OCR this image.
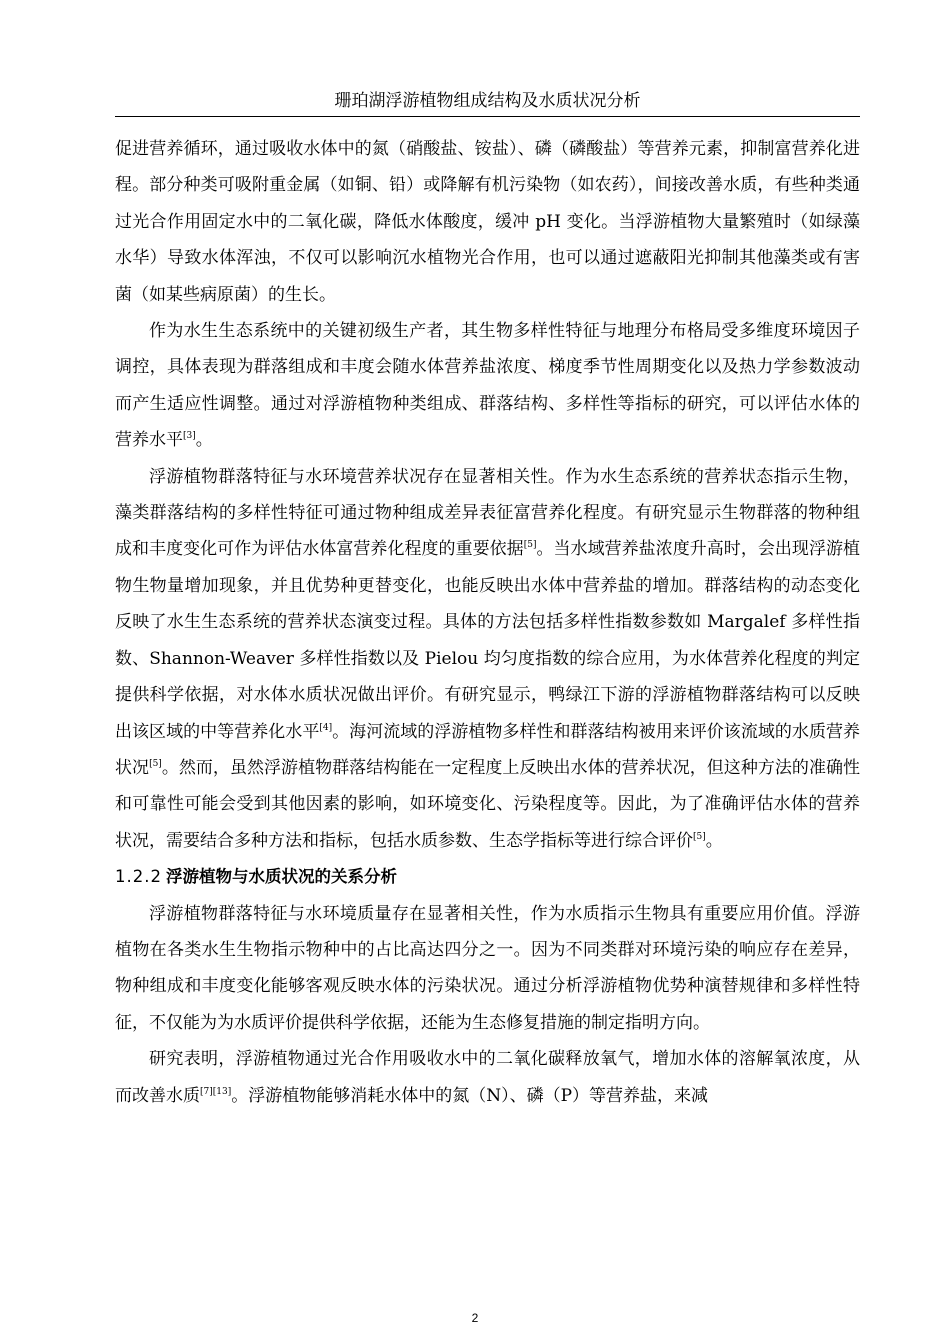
珊珀湖浮游植物组成结构及水质状况分析

促进营养循环，通过吸收水体中的氮（硝酸盐、铵盐）、磷（磷酸盐）等营养元素，抑制富营养化进程。部分种类可吸附重金属（如铜、铅）或降解有机污染物（如农药），间接改善水质，有些种类通过光合作用固定水中的二氧化碳，降低水体酸度，缓冲 pH 变化。当浮游植物大量繁殖时（如绿藻水华）导致水体浑浊，不仅可以影响沉水植物光合作用，也可以通过遮蔽阳光抑制其他藻类或有害菌（如某些病原菌）的生长。

作为水生生态系统中的关键初级生产者，其生物多样性特征与地理分布格局受多维度环境因子调控，具体表现为群落组成和丰度会随水体营养盐浓度、梯度季节性周期变化以及热力学参数波动而产生适应性调整。通过对浮游植物种类组成、群落结构、多样性等指标的研究，可以评估水体的营养水平[3]。

浮游植物群落特征与水环境营养状况存在显著相关性。作为水生态系统的营养状态指示生物，藻类群落结构的多样性特征可通过物种组成差异表征富营养化程度。有研究显示生物群落的物种组成和丰度变化可作为评估水体富营养化程度的重要依据[5]。当水域营养盐浓度升高时，会出现浮游植物生物量增加现象，并且优势种更替变化，也能反映出水体中营养盐的增加。群落结构的动态变化反映了水生生态系统的营养状态演变过程。具体的方法包括多样性指数参数如 Margalef 多样性指数、Shannon-Weaver 多样性指数以及 Pielou 均匀度指数的综合应用，为水体营养化程度的判定提供科学依据，对水体水质状况做出评价。有研究显示，鸭绿江下游的浮游植物群落结构可以反映出该区域的中等营养化水平[4]。海河流域的浮游植物多样性和群落结构被用来评价该流域的水质营养状况[5]。然而，虽然浮游植物群落结构能在一定程度上反映出水体的营养状况，但这种方法的准确性和可靠性可能会受到其他因素的影响，如环境变化、污染程度等。因此，为了准确评估水体的营养状况，需要结合多种方法和指标，包括水质参数、生态学指标等进行综合评价[5]。

1.2.2 浮游植物与水质状况的关系分析

浮游植物群落特征与水环境质量存在显著相关性，作为水质指示生物具有重要应用价值。浮游植物在各类水生生物指示物种中的占比高达四分之一。因为不同类群对环境污染的响应存在差异，物种组成和丰度变化能够客观反映水体的污染状况。通过分析浮游植物优势种演替规律和多样性特征，不仅能为为水质评价提供科学依据，还能为生态修复措施的制定指明方向。

研究表明，浮游植物通过光合作用吸收水中的二氧化碳释放氧气，增加水体的溶解氧浓度，从而改善水质[7][13]。浮游植物能够消耗水体中的氮（N）、磷（P）等营养盐，来减

2
